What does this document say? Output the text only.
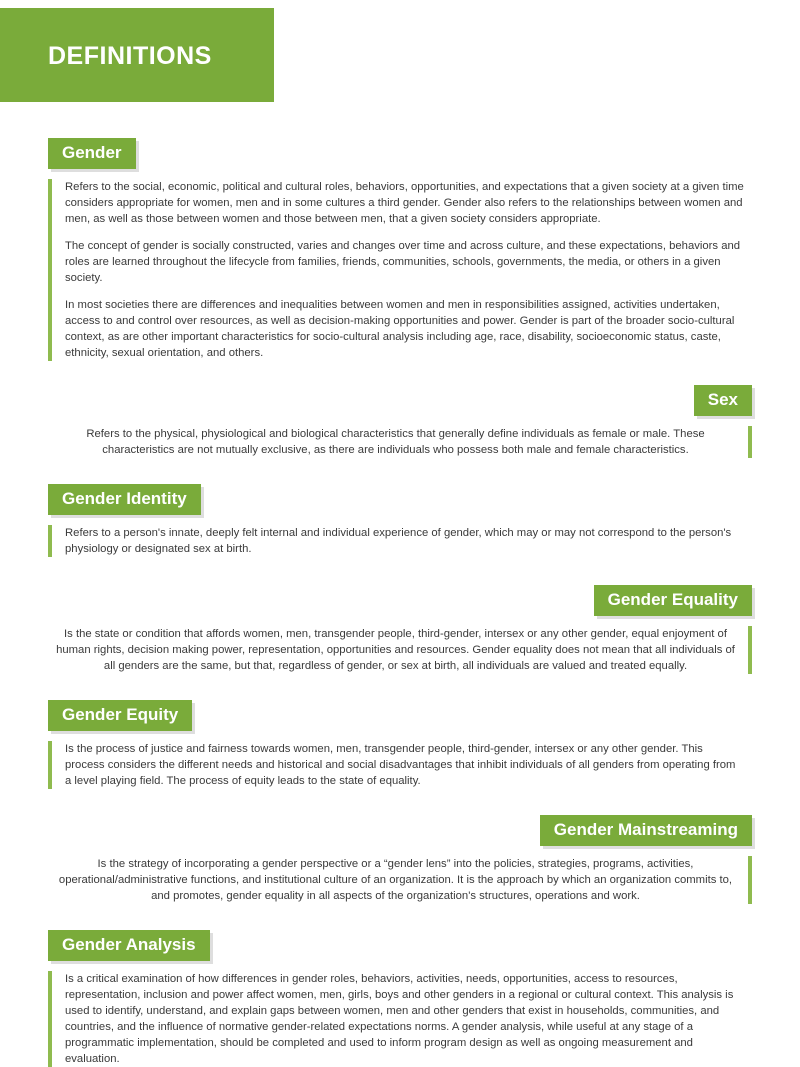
DEFINITIONS
Gender

Refers to the social, economic, political and cultural roles, behaviors, opportunities, and expectations that a given society at a given time considers appropriate for women, men and in some cultures a third gender. Gender also refers to the relationships between women and men, as well as those between women and those between men, that a given society considers appropriate.

The concept of gender is socially constructed, varies and changes over time and across culture, and these expectations, behaviors and roles are learned throughout the lifecycle from families, friends, communities, schools, governments, the media, or others in a given society.

In most societies there are differences and inequalities between women and men in responsibilities assigned, activities undertaken, access to and control over resources, as well as decision-making opportunities and power. Gender is part of the broader socio-cultural context, as are other important characteristics for socio-cultural analysis including age, race, disability, socioeconomic status, caste, ethnicity, sexual orientation, and others.

Sex

Refers to the physical, physiological and biological characteristics that generally define individuals as female or male. These characteristics are not mutually exclusive, as there are individuals who possess both male and female characteristics.

Gender Identity

Refers to a person's innate, deeply felt internal and individual experience of gender, which may or may not correspond to the person's physiology or designated sex at birth.

Gender Equality

Is the state or condition that affords women, men, transgender people, third-gender, intersex or any other gender, equal enjoyment of human rights, decision making power, representation, opportunities and resources. Gender equality does not mean that all individuals of all genders are the same, but that, regardless of gender, or sex at birth, all individuals are valued and treated equally.

Gender Equity

Is the process of justice and fairness towards women, men, transgender people, third-gender, intersex or any other gender. This process considers the different needs and historical and social disadvantages that inhibit individuals of all genders from operating from a level playing field. The process of equity leads to the state of equality.

Gender Mainstreaming

Is the strategy of incorporating a gender perspective or a “gender lens” into the policies, strategies, programs, activities, operational/administrative functions, and institutional culture of an organization. It is the approach by which an organization commits to, and promotes, gender equality in all aspects of the organization's structures, operations and work.

Gender Analysis

Is a critical examination of how differences in gender roles, behaviors, activities, needs, opportunities, access to resources, representation, inclusion and power affect women, men, girls, boys and other genders in a regional or cultural context. This analysis is used to identify, understand, and explain gaps between women, men and other genders that exist in households, communities, and countries, and the influence of normative gender-related expectations norms. A gender analysis, while useful at any stage of a programmatic implementation, should be completed and used to inform program design as well as ongoing measurement and evaluation.
